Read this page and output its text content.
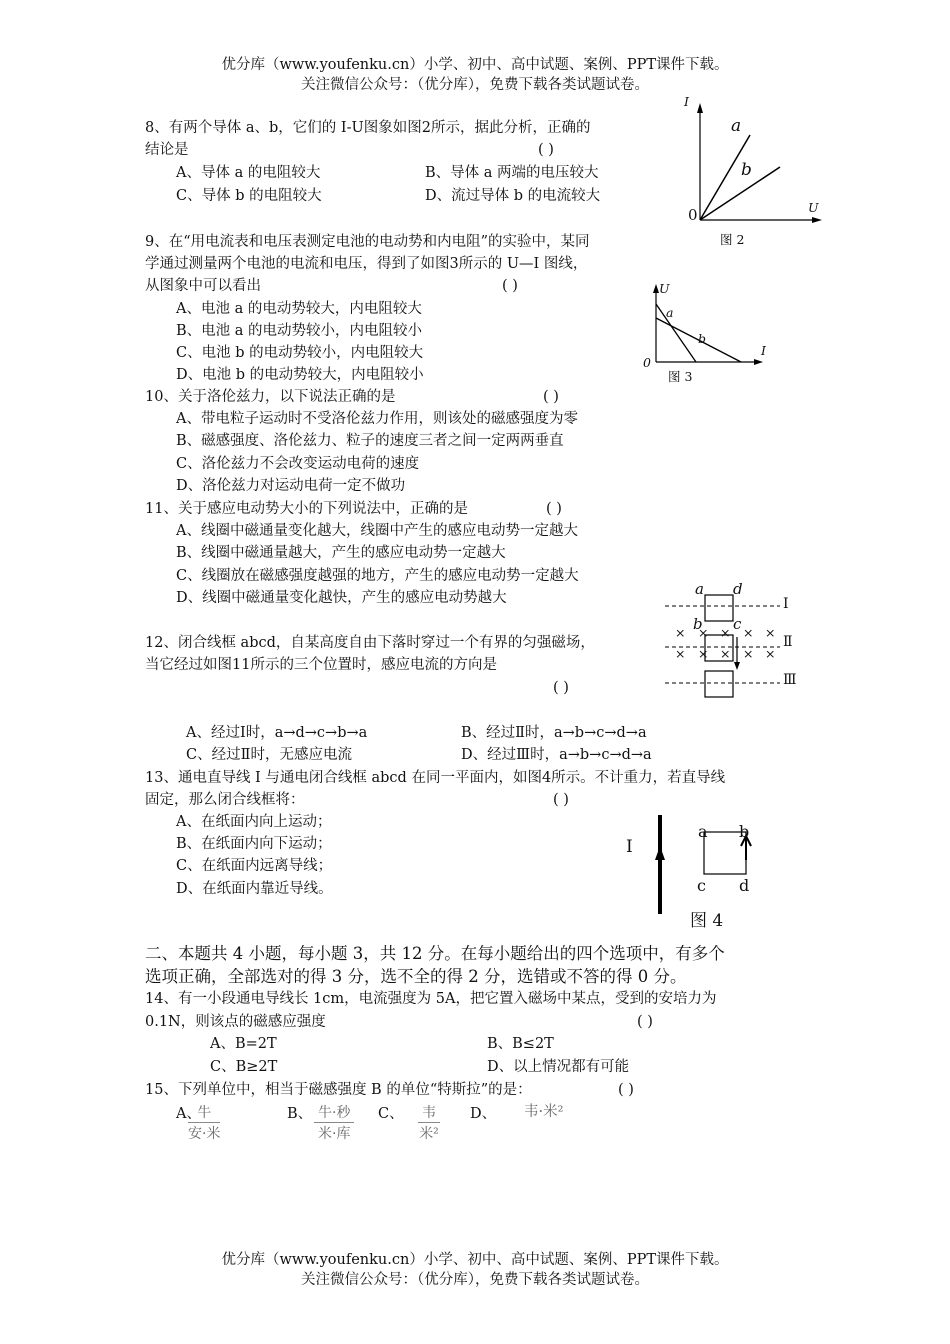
优分库（www.youfenku.cn）小学、初中、高中试题、案例、PPT课件下载。
关注微信公众号：（优分库），免费下载各类试题试卷。
8、有两个导体 a、b，它们的 I-U图象如图2所示，据此分析，正确的
结论是	( )
A、导体 a 的电阻较大	B、导体 a 两端的电压较大
C、导体 b 的电阻较大	D、流过导体 b 的电流较大
I
U
0
a
b
图 2
9、在“用电流表和电压表测定电池的电动势和内电阻”的实验中，某同
学通过测量两个电池的电流和电压，得到了如图3所示的 U—I 图线，
从图象中可以看出	( )
A、电池 a 的电动势较大，内电阻较大
B、电池 a 的电动势较小，内电阻较小
C、电池 b 的电动势较小，内电阻较大
D、电池 b 的电动势较大，内电阻较小
U
I
0
a
b
图 3
10、关于洛伦兹力，以下说法正确的是	( )
A、带电粒子运动时不受洛伦兹力作用，则该处的磁感强度为零
B、磁感强度、洛伦兹力、粒子的速度三者之间一定两两垂直
C、洛伦兹力不会改变运动电荷的速度
D、洛伦兹力对运动电荷一定不做功
11、关于感应电动势大小的下列说法中，正确的是	( )
A、线圈中磁通量变化越大，线圈中产生的感应电动势一定越大
B、线圈中磁通量越大，产生的感应电动势一定越大
C、线圈放在磁感强度越强的地方，产生的感应电动势一定越大
D、线圈中磁通量变化越快，产生的感应电动势越大	a d
b c
Ⅰ
Ⅱ
Ⅲ
× × × × ×
× × × × ×
12、闭合线框 abcd，自某高度自由下落时穿过一个有界的匀强磁场，
当它经过如图11所示的三个位置时，感应电流的方向是
( )
A、经过Ⅰ时，a→d→c→b→a	B、经过Ⅱ时，a→b→c→d→a
C、经过Ⅱ时，无感应电流	D、经过Ⅲ时，a→b→c→d→a
13、通电直导线 I 与通电闭合线框 abcd 在同一平面内，如图4所示。不计重力，若直导线
固定，那么闭合线框将：	( )
A、在纸面内向上运动；
B、在纸面内向下运动；
C、在纸面内远离导线；
D、在纸面内靠近导线。
I
a b
c d
图 4
二、本题共 4 小题，每小题 3，共 12 分。在每小题给出的四个选项中，有多个
选项正确，全部选对的得 3 分，选不全的得 2 分，选错或不答的得 0 分。
14、有一小段通电导线长 1cm，电流强度为 5A，把它置入磁场中某点，受到的安培力为
0.1N，则该点的磁感应强度	( )
A、B=2T	B、B≤2T
C、B≥2T	D、以上情况都有可能
15、下列单位中，相当于磁感强度 B 的单位“特斯拉”的是：	( )
A、
牛
安·米
B、 牛·秒
米·库
C、 韦
米²
D、 韦·米²
优分库（www.youfenku.cn）小学、初中、高中试题、案例、PPT课件下载。
关注微信公众号：（优分库），免费下载各类试题试卷。
